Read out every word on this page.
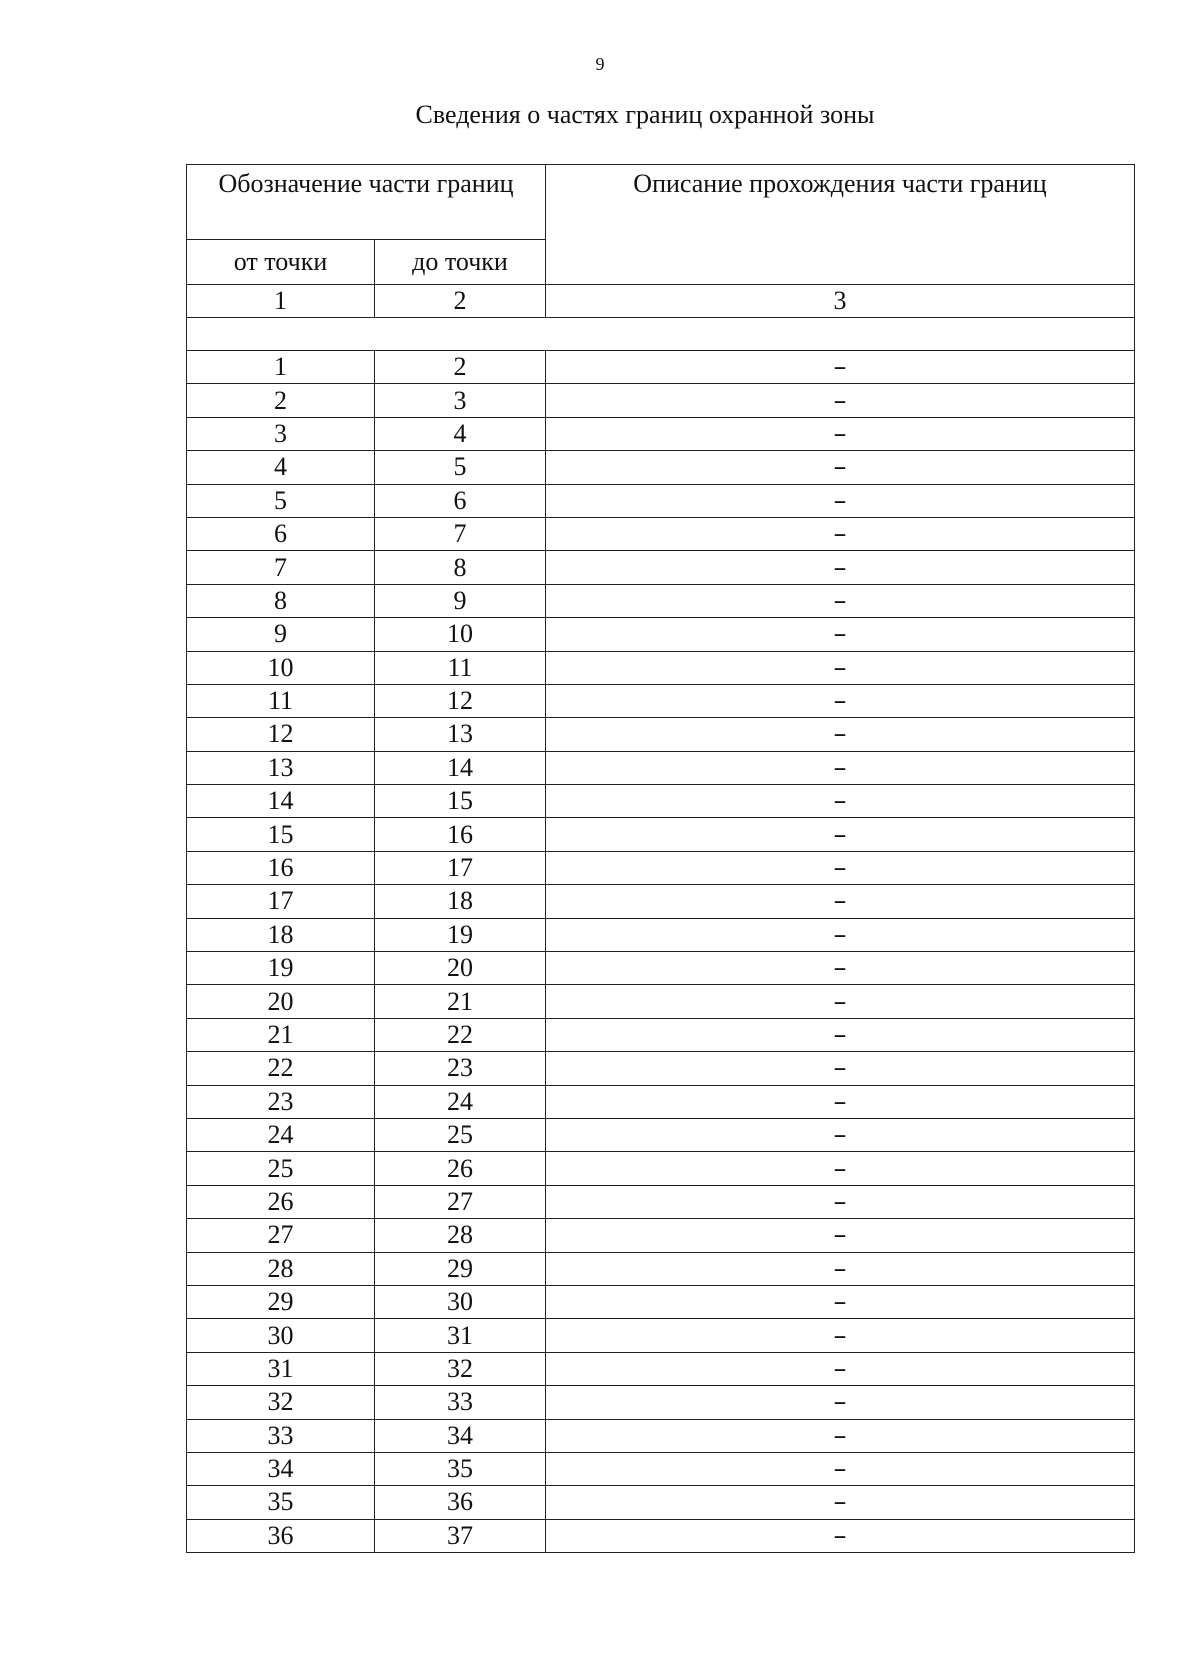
9
Сведения о частях границ охранной зоны
Обозначение части границ		Описание прохождения части границ
от точки	до точки	
1	2	3

1	2	–
2	3	–
3	4	–
4	5	–
5	6	–
6	7	–
7	8	–
8	9	–
9	10	–
10	11	–
11	12	–
12	13	–
13	14	–
14	15	–
15	16	–
16	17	–
17	18	–
18	19	–
19	20	–
20	21	–
21	22	–
22	23	–
23	24	–
24	25	–
25	26	–
26	27	–
27	28	–
28	29	–
29	30	–
30	31	–
31	32	–
32	33	–
33	34	–
34	35	–
35	36	–
36	37	–
